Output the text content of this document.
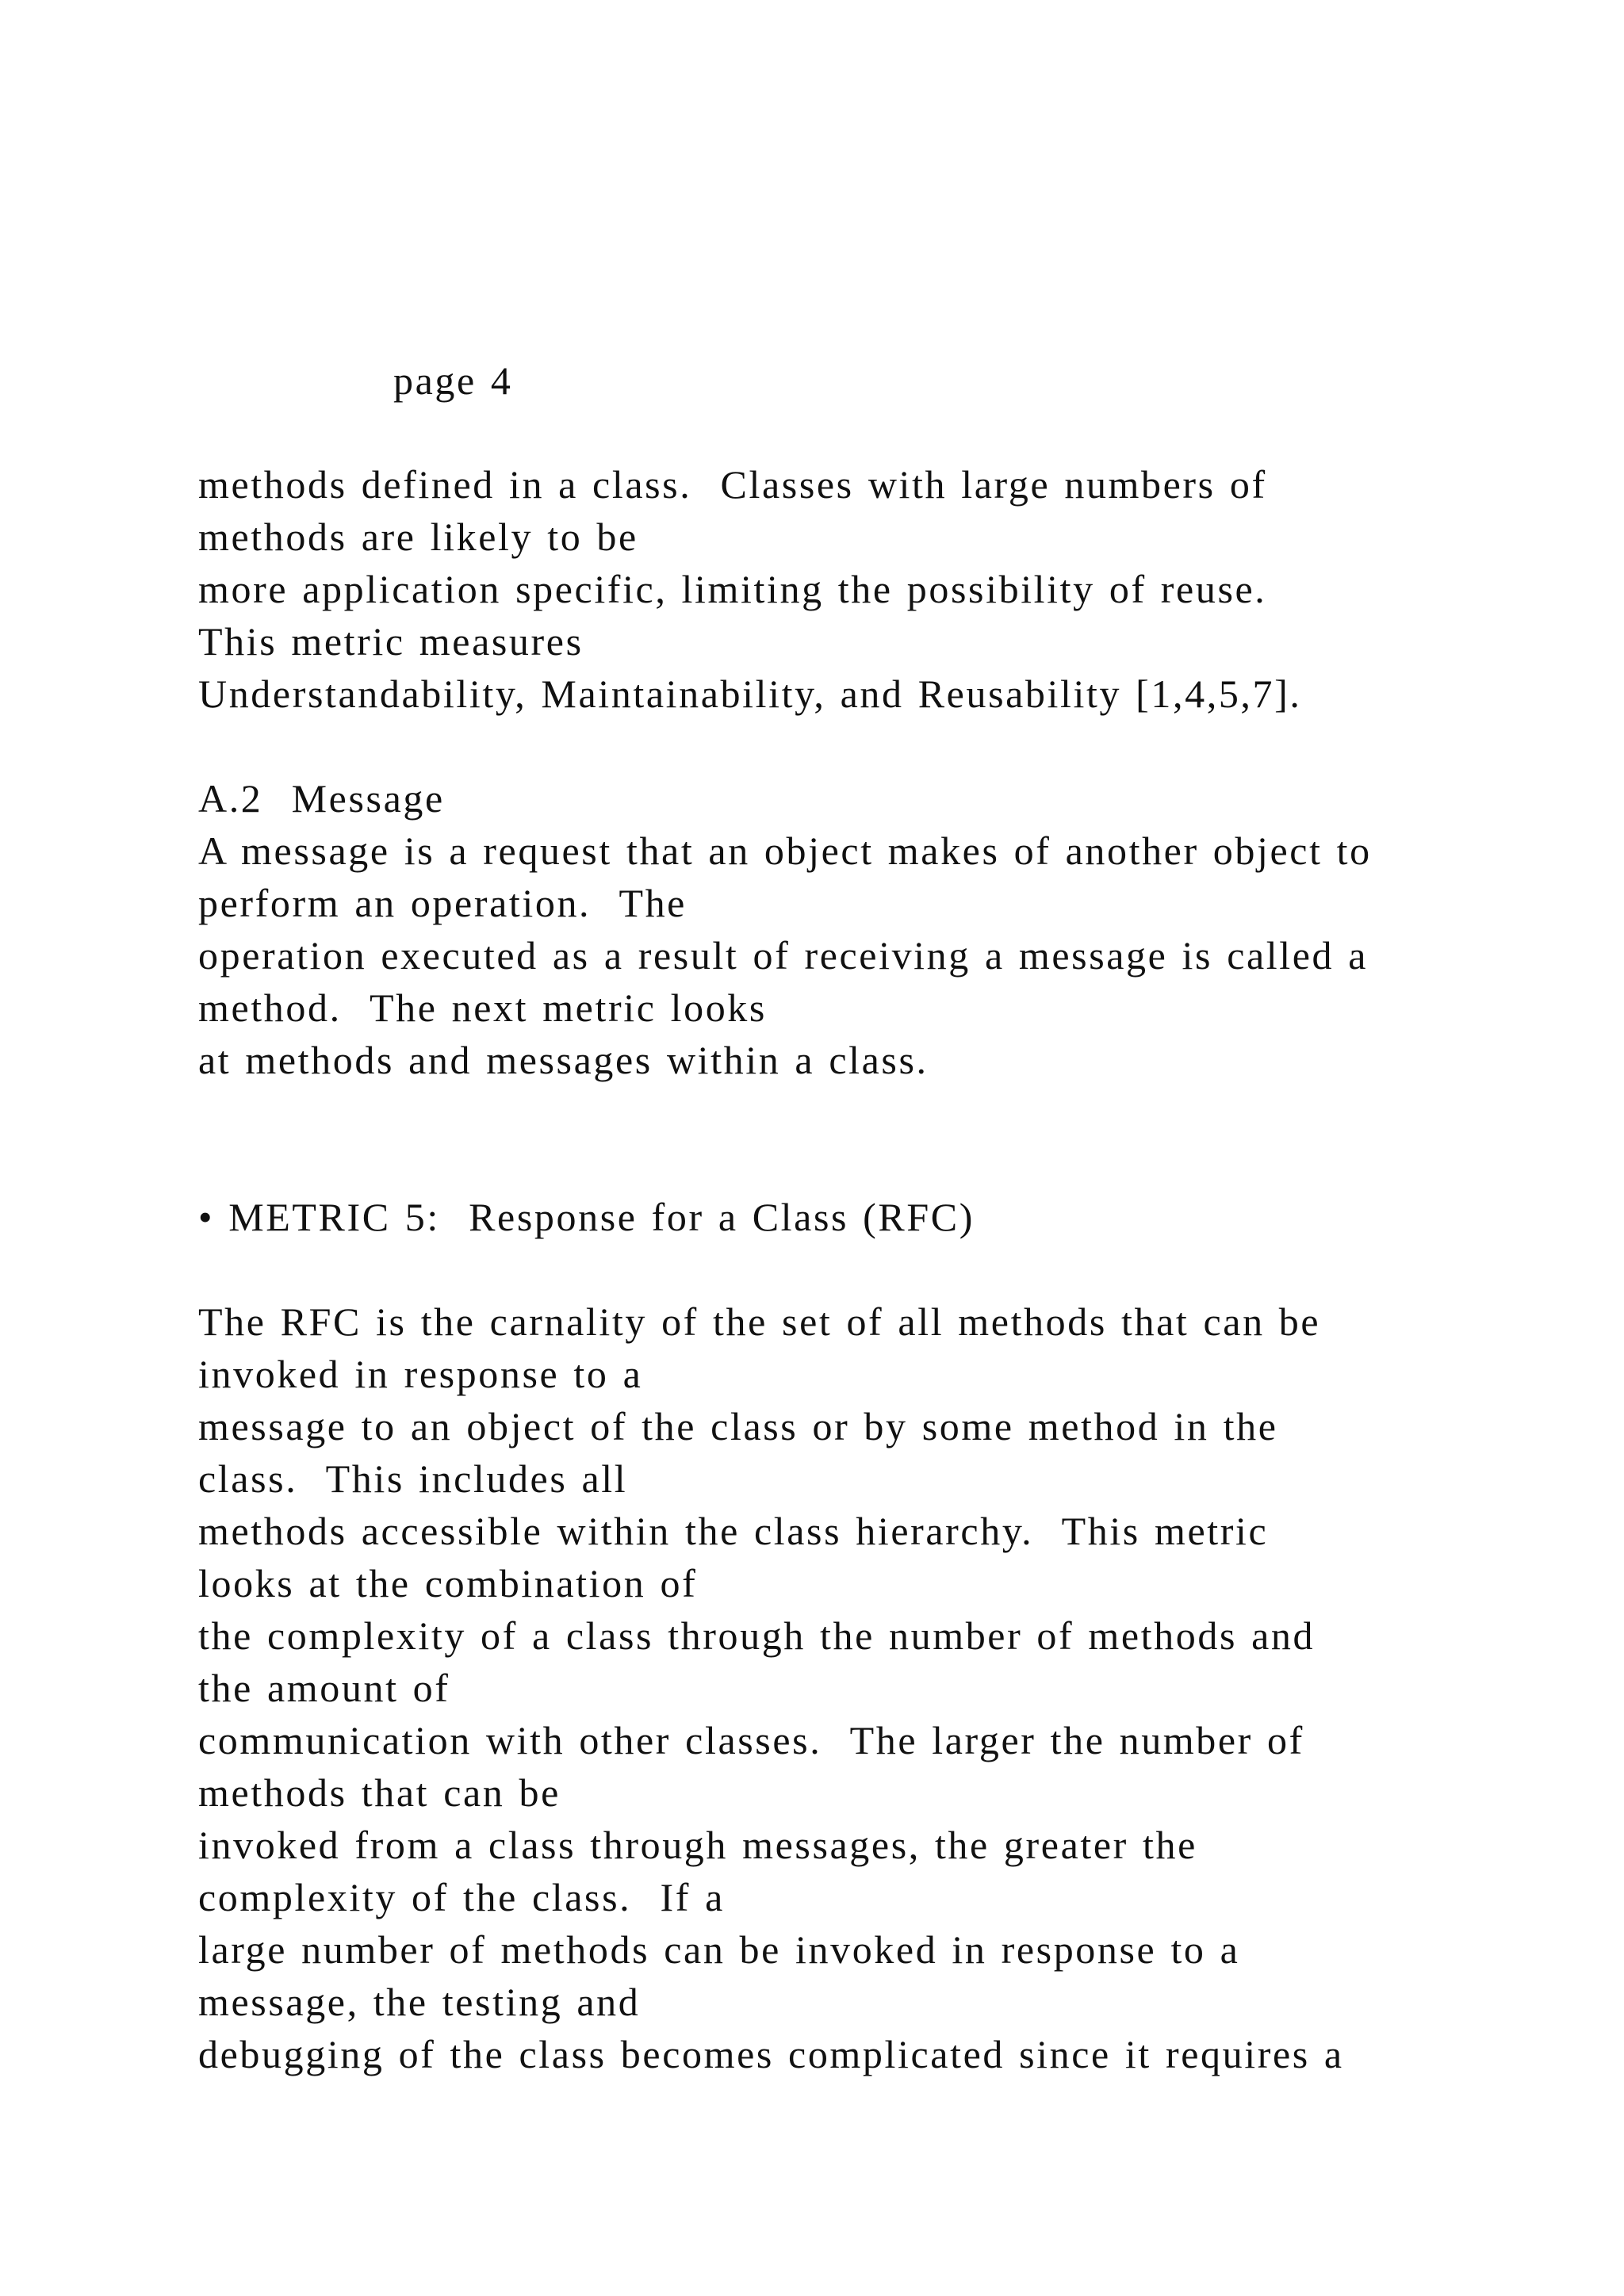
page 4
methods defined in a class.  Classes with large numbers of
methods are likely to be
more application specific, limiting the possibility of reuse.
This metric measures
Understandability, Maintainability, and Reusability [1,4,5,7].
A.2  Message
A message is a request that an object makes of another object to
perform an operation.  The
operation executed as a result of receiving a message is called a
method.  The next metric looks
at methods and messages within a class.
• METRIC 5:  Response for a Class (RFC)
The RFC is the carnality of the set of all methods that can be
invoked in response to a
message to an object of the class or by some method in the
class.  This includes all
methods accessible within the class hierarchy.  This metric
looks at the combination of
the complexity of a class through the number of methods and
the amount of
communication with other classes.  The larger the number of
methods that can be
invoked from a class through messages, the greater the
complexity of the class.  If a
large number of methods can be invoked in response to a
message, the testing and
debugging of the class becomes complicated since it requires a
